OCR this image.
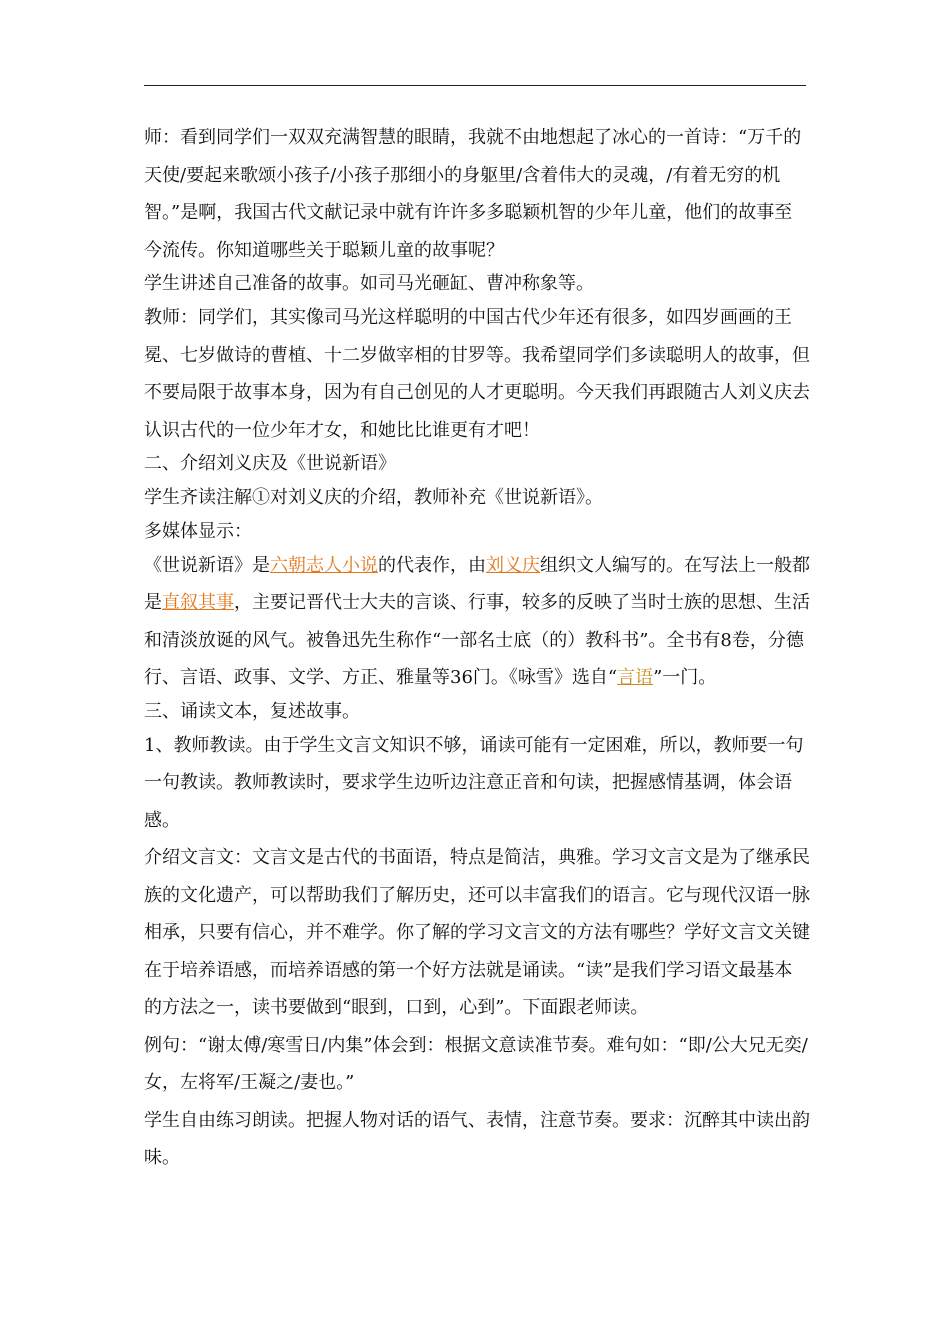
师：看到同学们一双双充满智慧的眼睛，我就不由地想起了冰心的一首诗：“万千的天使/要起来歌颂小孩子/小孩子那细小的身躯里/含着伟大的灵魂，/有着无穷的机智。”是啊，我国古代文献记录中就有许许多多聪颖机智的少年儿童，他们的故事至今流传。你知道哪些关于聪颖儿童的故事呢？

学生讲述自己准备的故事。如司马光砸缸、曹冲称象等。

教师：同学们，其实像司马光这样聪明的中国古代少年还有很多，如四岁画画的王冕、七岁做诗的曹植、十二岁做宰相的甘罗等。我希望同学们多读聪明人的故事，但不要局限于故事本身，因为有自己创见的人才更聪明。今天我们再跟随古人刘义庆去认识古代的一位少年才女，和她比比谁更有才吧！

二、介绍刘义庆及《世说新语》

学生齐读注解①对刘义庆的介绍，教师补充《世说新语》。

多媒体显示：

《世说新语》是六朝志人小说的代表作，由刘义庆组织文人编写的。在写法上一般都是直叙其事，主要记晋代士大夫的言谈、行事，较多的反映了当时士族的思想、生活和清淡放诞的风气。被鲁迅先生称作“一部名士底（的）教科书”。全书有8卷，分德行、言语、政事、文学、方正、雅量等36门。《咏雪》选自“言语”一门。

三、诵读文本，复述故事。

1、教师教读。由于学生文言文知识不够，诵读可能有一定困难，所以，教师要一句一句教读。教师教读时，要求学生边听边注意正音和句读，把握感情基调，体会语感。

介绍文言文：文言文是古代的书面语，特点是简洁，典雅。学习文言文是为了继承民族的文化遗产，可以帮助我们了解历史，还可以丰富我们的语言。它与现代汉语一脉相承，只要有信心，并不难学。你了解的学习文言文的方法有哪些？学好文言文关键在于培养语感，而培养语感的第一个好方法就是诵读。“读”是我们学习语文最基本的方法之一，读书要做到“眼到，口到，心到”。下面跟老师读。

例句：“谢太傅/寒雪日/内集”体会到：根据文意读准节奏。难句如：“即/公大兄无奕/女，左将军/王凝之/妻也。”

学生自由练习朗读。把握人物对话的语气、表情，注意节奏。要求：沉醉其中读出韵味。
